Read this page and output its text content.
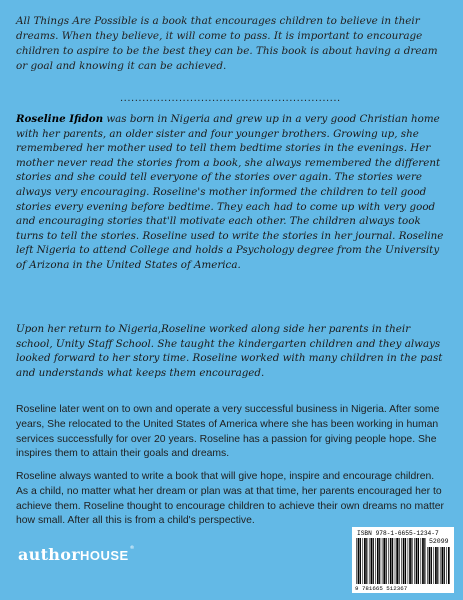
All Things Are Possible is a book that encourages children to believe in their dreams. When they believe, it will come to pass. It is important to encourage children to aspire to be the best they can be. This book is about having a dream or goal and knowing it can be achieved.

............................................................

Roseline Ifidon was born in Nigeria and grew up in a very good Christian home with her parents, an older sister and four younger brothers. Growing up, she remembered her mother used to tell them bedtime stories in the evenings. Her mother never read the stories from a book, she always remembered the different stories and she could tell everyone of the stories over again. The stories were always very encouraging. Roseline's mother informed the children to tell good stories every evening before bedtime. They each had to come up with very good and encouraging stories that'll motivate each other. The children always took turns to tell the stories. Roseline used to write the stories in her journal. Roseline left Nigeria to attend College and holds a Psychology degree from the University of Arizona in the United States of America.

Upon her return to Nigeria,Roseline worked along side her parents in their school, Unity Staff School. She taught the kindergarten children and they always looked forward to her story time. Roseline worked with many children in the past and understands what keeps them encouraged.

Roseline later went on to own and operate a very successful business in Nigeria. After some years, She relocated to the United States of America where she has been working in human services successfully for over 20 years. Roseline has a passion for giving people hope. She inspires them to attain their goals and dreams.

Roseline always wanted to write a book that will give hope, inspire and encourage children. As a child, no matter what her dream or plan was at that time, her parents encouraged her to achieve them. Roseline thought to encourage children to achieve their own dreams no matter how small. After all this is from a child's perspective.

authorHOUSE®
ISBN 978-1-6655-1234-7
52099
9 781665 512367
